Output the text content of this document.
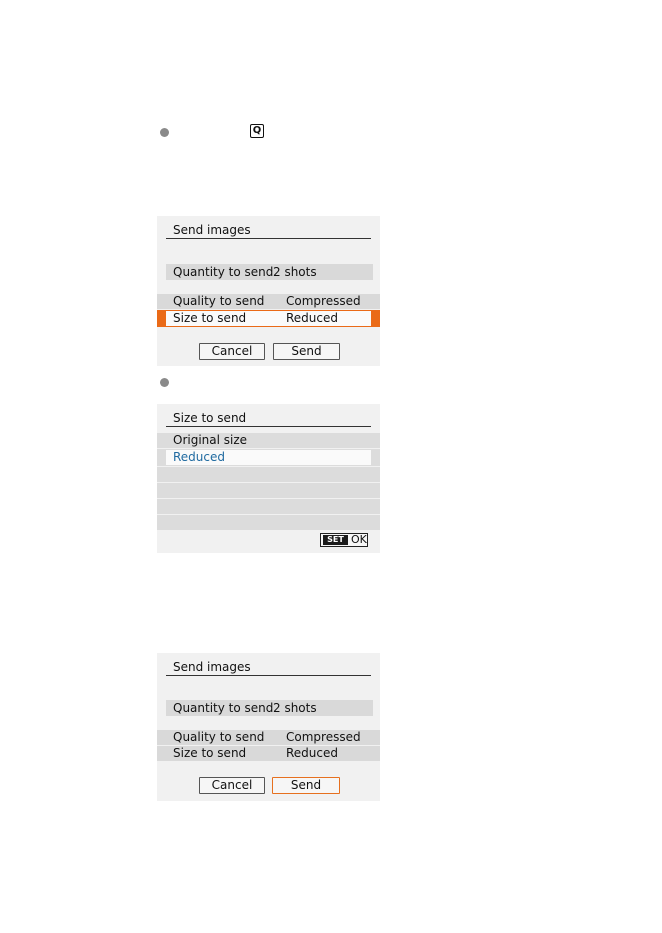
Q
Send images
Quantity to send 2 shots
Quality to send Compressed
Size to send	Reduced
Cancel	Send
Size to send
Original size
Reduced
SET OK
Send images
Quantity to send 2 shots
Quality to send Compressed
Size to send	Reduced
Cancel	Send
